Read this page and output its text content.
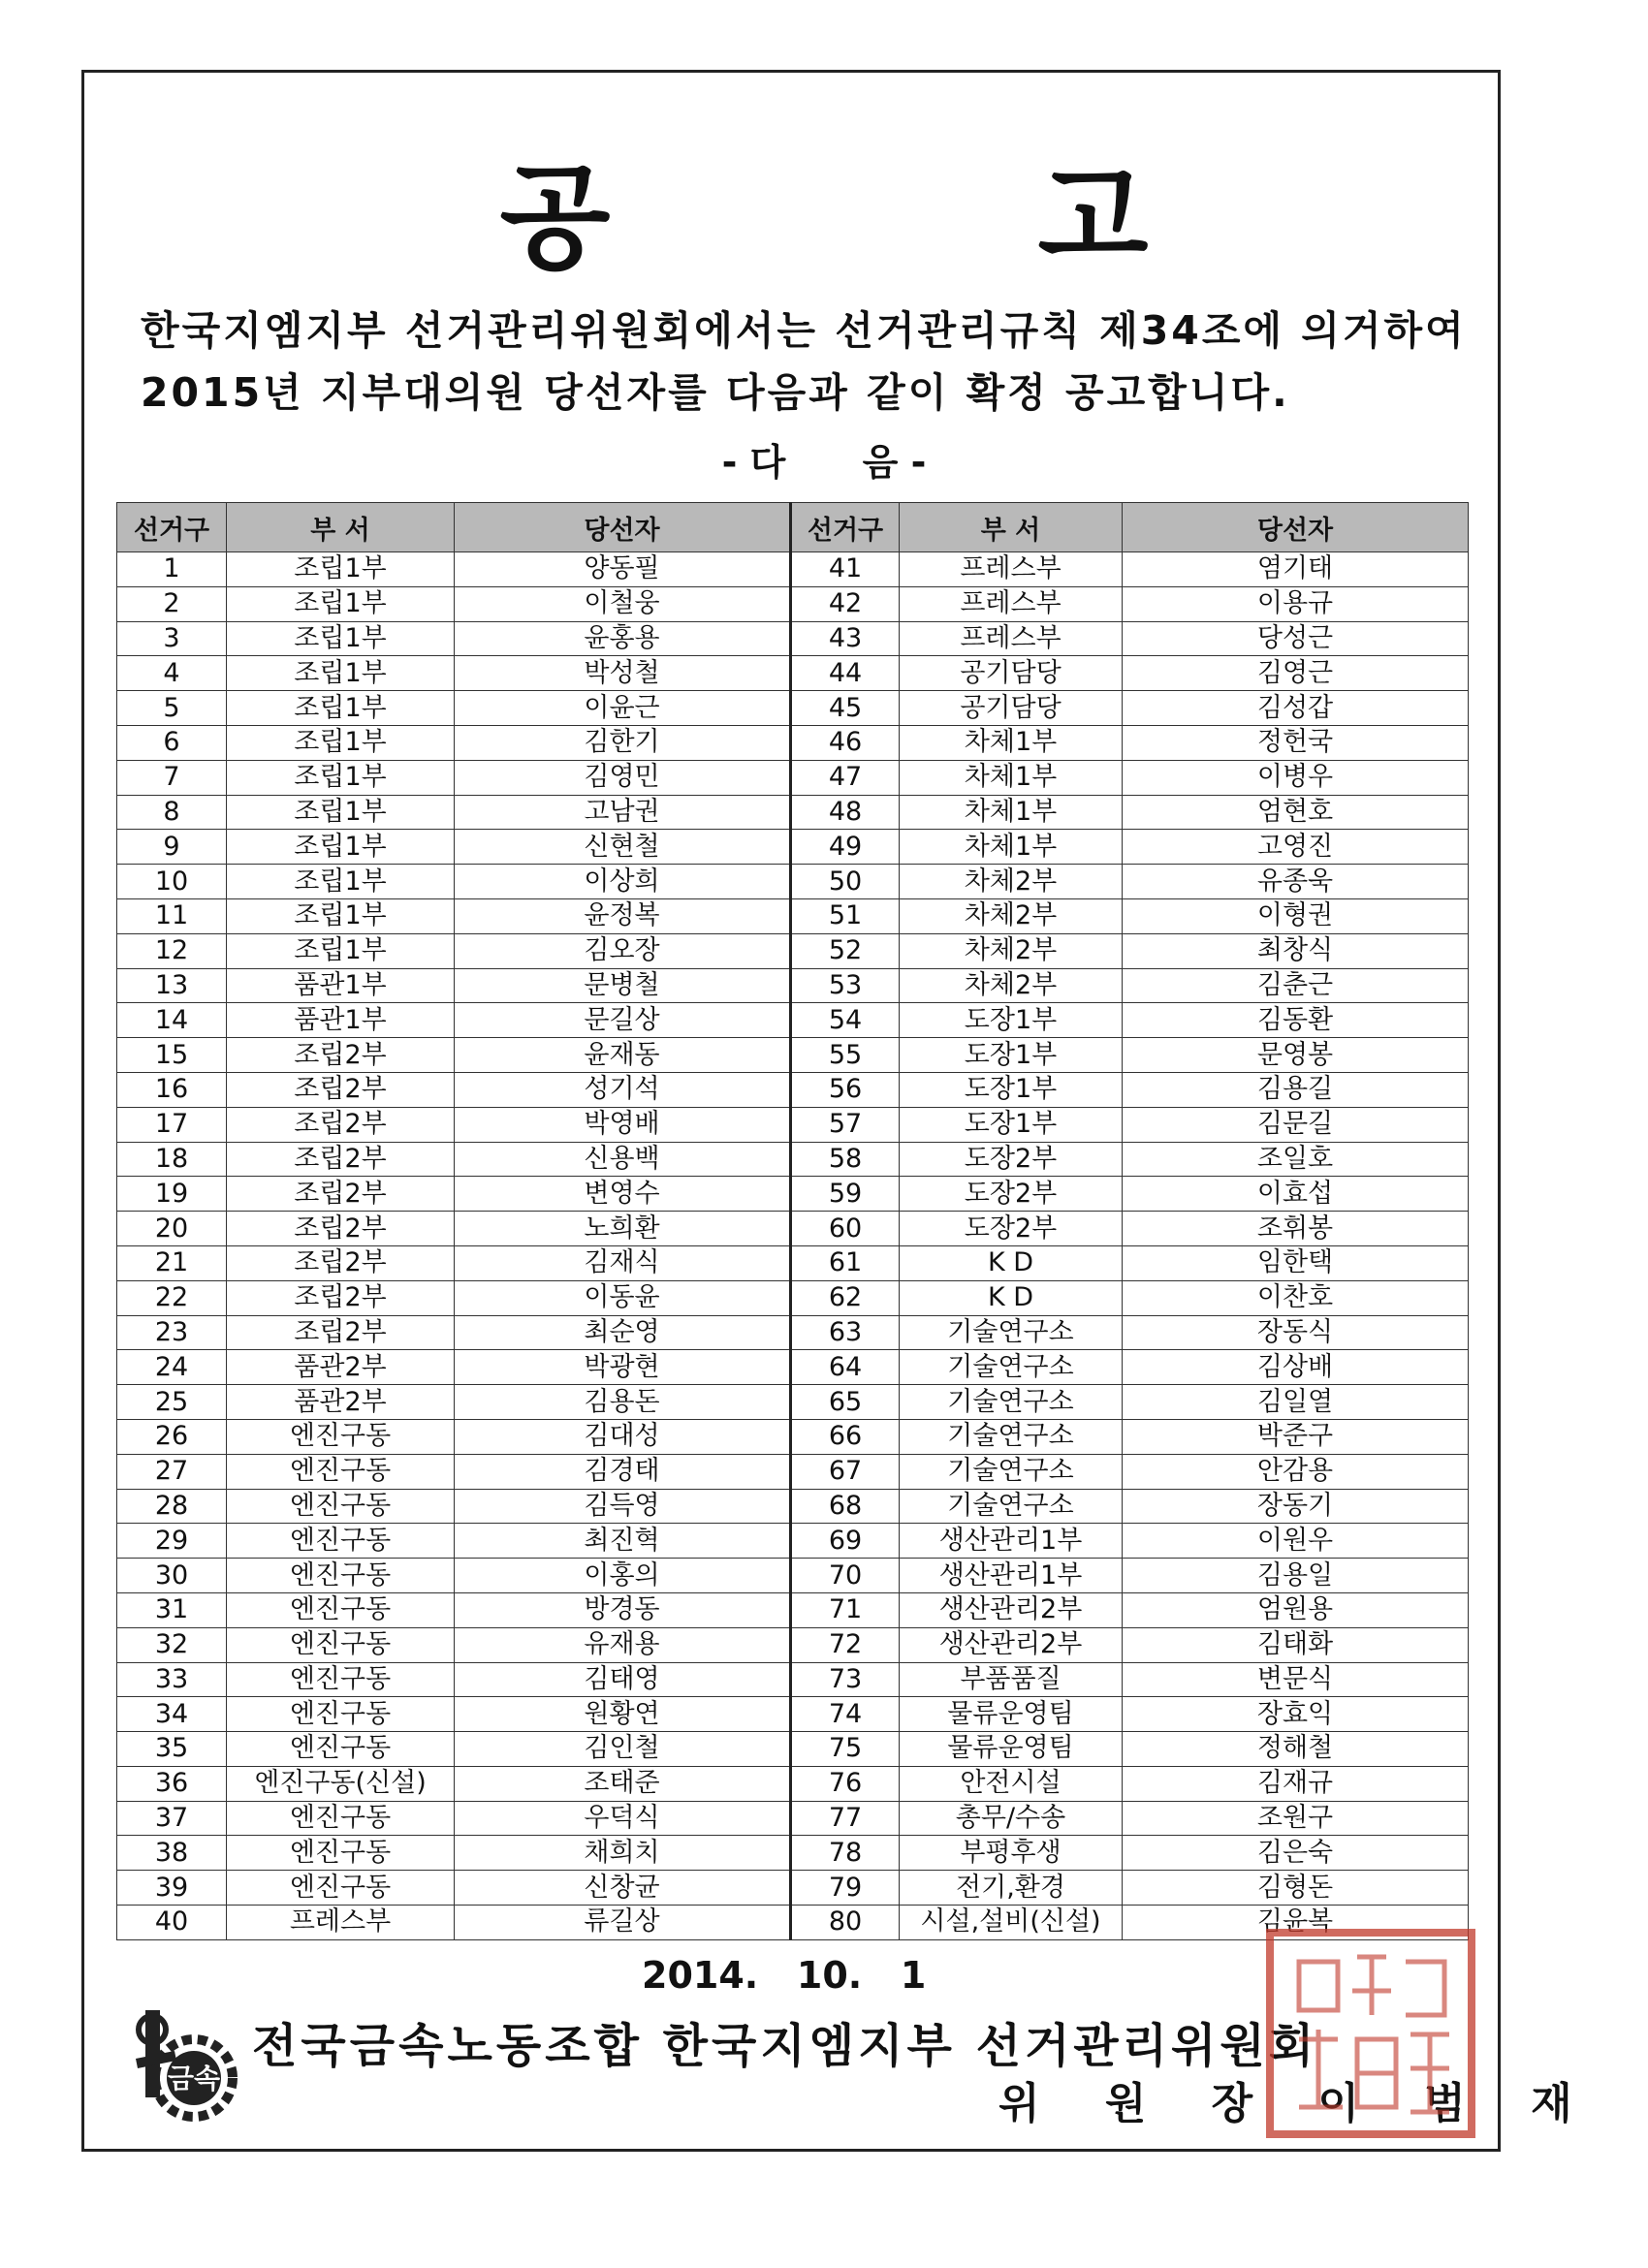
공 고
한국지엠지부 선거관리위원회에서는 선거관리규칙 제34조에 의거하여
2015년 지부대의원 당선자를 다음과 같이 확정 공고합니다.
- 다      음 -
선거구	부 서	당선자	선거구	부 서	당선자
1	조립1부	양동필	41	프레스부	염기태
2	조립1부	이철웅	42	프레스부	이용규
3	조립1부	윤홍용	43	프레스부	당성근
4	조립1부	박성철	44	공기담당	김영근
5	조립1부	이윤근	45	공기담당	김성갑
6	조립1부	김한기	46	차체1부	정헌국
7	조립1부	김영민	47	차체1부	이병우
8	조립1부	고남권	48	차체1부	엄현호
9	조립1부	신현철	49	차체1부	고영진
10	조립1부	이상희	50	차체2부	유종욱
11	조립1부	윤정복	51	차체2부	이형권
12	조립1부	김오장	52	차체2부	최창식
13	품관1부	문병철	53	차체2부	김춘근
14	품관1부	문길상	54	도장1부	김동환
15	조립2부	윤재동	55	도장1부	문영봉
16	조립2부	성기석	56	도장1부	김용길
17	조립2부	박영배	57	도장1부	김문길
18	조립2부	신용백	58	도장2부	조일호
19	조립2부	변영수	59	도장2부	이효섭
20	조립2부	노희환	60	도장2부	조휘봉
21	조립2부	김재식	61	K D	임한택
22	조립2부	이동윤	62	K D	이찬호
23	조립2부	최순영	63	기술연구소	장동식
24	품관2부	박광현	64	기술연구소	김상배
25	품관2부	김용돈	65	기술연구소	김일열
26	엔진구동	김대성	66	기술연구소	박준구
27	엔진구동	김경태	67	기술연구소	안감용
28	엔진구동	김득영	68	기술연구소	장동기
29	엔진구동	최진혁	69	생산관리1부	이원우
30	엔진구동	이홍의	70	생산관리1부	김용일
31	엔진구동	방경동	71	생산관리2부	엄원용
32	엔진구동	유재용	72	생산관리2부	김태화
33	엔진구동	김태영	73	부품품질	변문식
34	엔진구동	원황연	74	물류운영팀	장효익
35	엔진구동	김인철	75	물류운영팀	정해철
36	엔진구동(신설)	조태준	76	안전시설	김재규
37	엔진구동	우덕식	77	총무/수송	조원구
38	엔진구동	채희치	78	부평후생	김은숙
39	엔진구동	신창균	79	전기,환경	김형돈
40	프레스부	류길상	80	시설,설비(신설)	김윤복
2014.   10.   1
금속
전국금속노동조합 한국지엠지부 선거관리위원회
위 원 장 이 범 재
